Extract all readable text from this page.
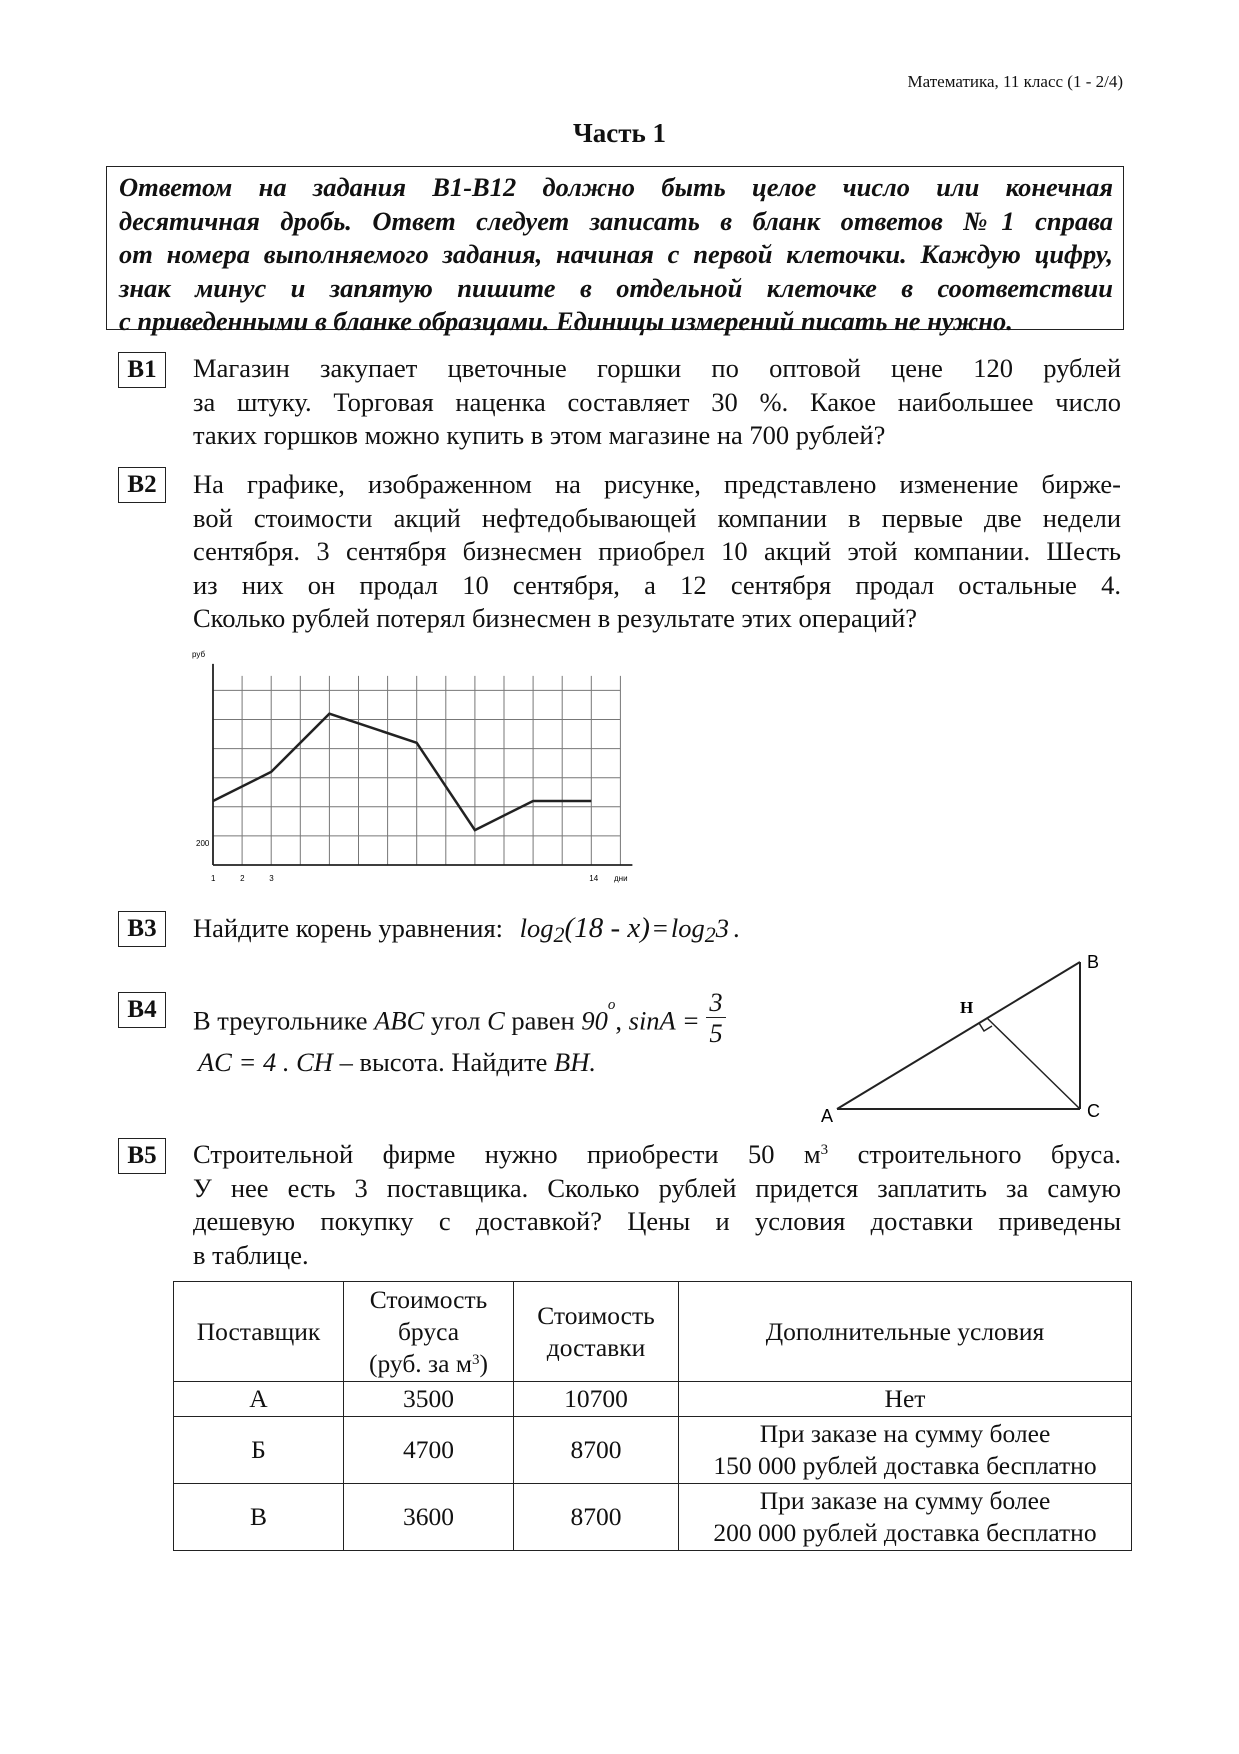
Математика, 11 класс (1 - 2/4)
Часть 1
Ответом на задания В1-В12 должно быть целое число или конечная
десятичная дробь. Ответ следует записать в бланк ответов №1 справа
от номера выполняемого задания, начиная с первой клеточки. Каждую цифру,
знак минус и запятую пишите в отдельной клеточке в соответствии
с приведенными в бланке образцами. Единицы измерений писать не нужно.
B1	Магазин закупает цветочные горшки по оптовой цене 120 рублей
за штуку. Торговая наценка составляет 30 %. Какое наибольшее число
таких горшков можно купить в этом магазине на 700 рублей?
B2	На графике, изображенном на рисунке, представлено изменение бирже-
вой стоимости акций нефтедобывающей компании в первые две недели
сентября. 3 сентября бизнесмен приобрел 10 акций этой компании. Шесть
из них он продал 10 сентября, а 12 сентября продал остальные 4.
Сколько рублей потерял бизнесмен в результате этих операций?
руб
дни
200
1	2	3	14
B3	Найдите корень уравнения: $\log_2(18 - x) = \log_23$ .
B4	В треугольнике ABC угол C равен 90$^o$, $\sin A = \frac{3}{5}$
AC = 4 . CH – высота. Найдите BH.
A
B
C
H
B5	Строительной фирме нужно приобрести 50 $м^3$ строительного бруса.
У нее есть 3 поставщика. Сколько рублей придется заплатить за самую
дешевую покупку с доставкой? Цены и условия доставки приведены
в таблице.
Поставщик	Стоимость
бруса
(руб. за $м^3$)	Стоимость
доставки	Дополнительные условия
А	3500	10700	Нет
Б	4700	8700	При заказе на сумму более
150 000 рублей доставка бесплатно
В	3600	8700	При заказе на сумму более
200 000 рублей доставка бесплатно
